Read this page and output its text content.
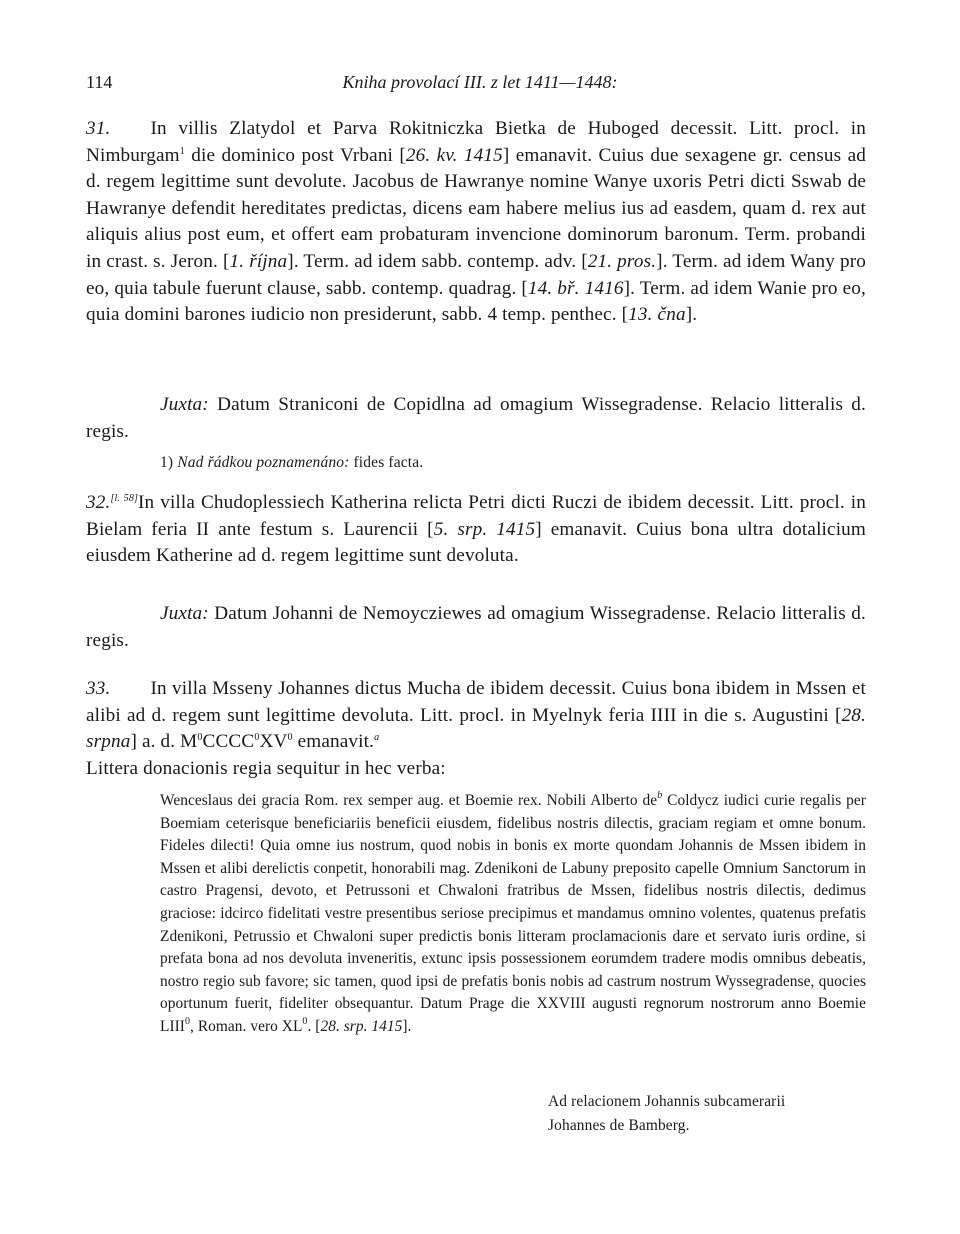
114	Kniha provolací III. z let 1411—1448:
31. In villis Zlatydol et Parva Rokitniczka Bietka de Huboged decessit. Litt. procl. in Nimburgam$^1$ die dominico post Vrbani [26. kv. 1415] emanavit. Cuius due sexagene gr. census ad d. regem legittime sunt devolute. Jacobus de Hawranye nomine Wanye uxoris Petri dicti Sswab de Hawranye defendit hereditates predictas, dicens eam habere melius ius ad easdem, quam d. rex aut aliquis alius post eum, et offert eam probaturam invencione dominorum baronum. Term. probandi in crast. s. Jeron. [1. října]. Term. ad idem sabb. contemp. adv. [21. pros.]. Term. ad idem Wany pro eo, quia tabule fuerunt clause, sabb. contemp. quadrag. [14. bř. 1416]. Term. ad idem Wanie pro eo, quia domini barones iudicio non presiderunt, sabb. 4 temp. penthec. [13. čna].
Juxta: Datum Straniconi de Copidlna ad omagium Wissegradense. Relacio litteralis d. regis.
1) Nad řádkou poznamenáno: fides facta.
32.[l. 58]In villa Chudoplessiech Katherina relicta Petri dicti Ruczi de ibidem decessit. Litt. procl. in Bielam feria II ante festum s. Laurencii [5. srp. 1415] emanavit. Cuius bona ultra dotalicium eiusdem Katherine ad d. regem legittime sunt devoluta.
Juxta: Datum Johanni de Nemoycziewes ad omagium Wissegradense. Relacio litteralis d. regis.
33. In villa Msseny Johannes dictus Mucha de ibidem decessit. Cuius bona ibidem in Mssen et alibi ad d. regem sunt legittime devoluta. Litt. procl. in Myelnyk feria IIII in die s. Augustini [28. srpna] a. d. $M^0CCCC^0XV^0$ emanavit.$^a$
Littera donacionis regia sequitur in hec verba:
Wenceslaus dei gracia Rom. rex semper aug. et Boemie rex. Nobili Alberto $de^b$ Coldycz iudici curie regalis per Boemiam ceterisque beneficiariis beneficii eiusdem, fidelibus nostris dilectis, graciam regiam et omne bonum. Fideles dilecti! Quia omne ius nostrum, quod nobis in bonis ex morte quondam Johannis de Mssen ibidem in Mssen et alibi derelictis conpetit, honorabili mag. Zdenikoni de Labuny preposito capelle Omnium Sanctorum in castro Pragensi, devoto, et Petrussoni et Chwaloni fratribus de Mssen, fidelibus nostris dilectis, dedimus graciose: idcirco fidelitati vestre presentibus seriose precipimus et mandamus omnino volentes, quatenus prefatis Zdenikoni, Petrussio et Chwaloni super predictis bonis litteram proclamacionis dare et servato iuris ordine, si prefata bona ad nos devoluta inveneritis, extunc ipsis possessionem eorumdem tradere modis omnibus debeatis, nostro regio sub favore; sic tamen, quod ipsi de prefatis bonis nobis ad castrum nostrum Wyssegradense, quocies oportunum fuerit, fideliter obsequantur. Datum Prage die XXVIII augusti regnorum nostrorum anno Boemie LIII$^0$, Roman. vero $XL^0$. [28. srp. 1415].
Ad relacionem Johannis subcamerarii
Johannes de Bamberg.
